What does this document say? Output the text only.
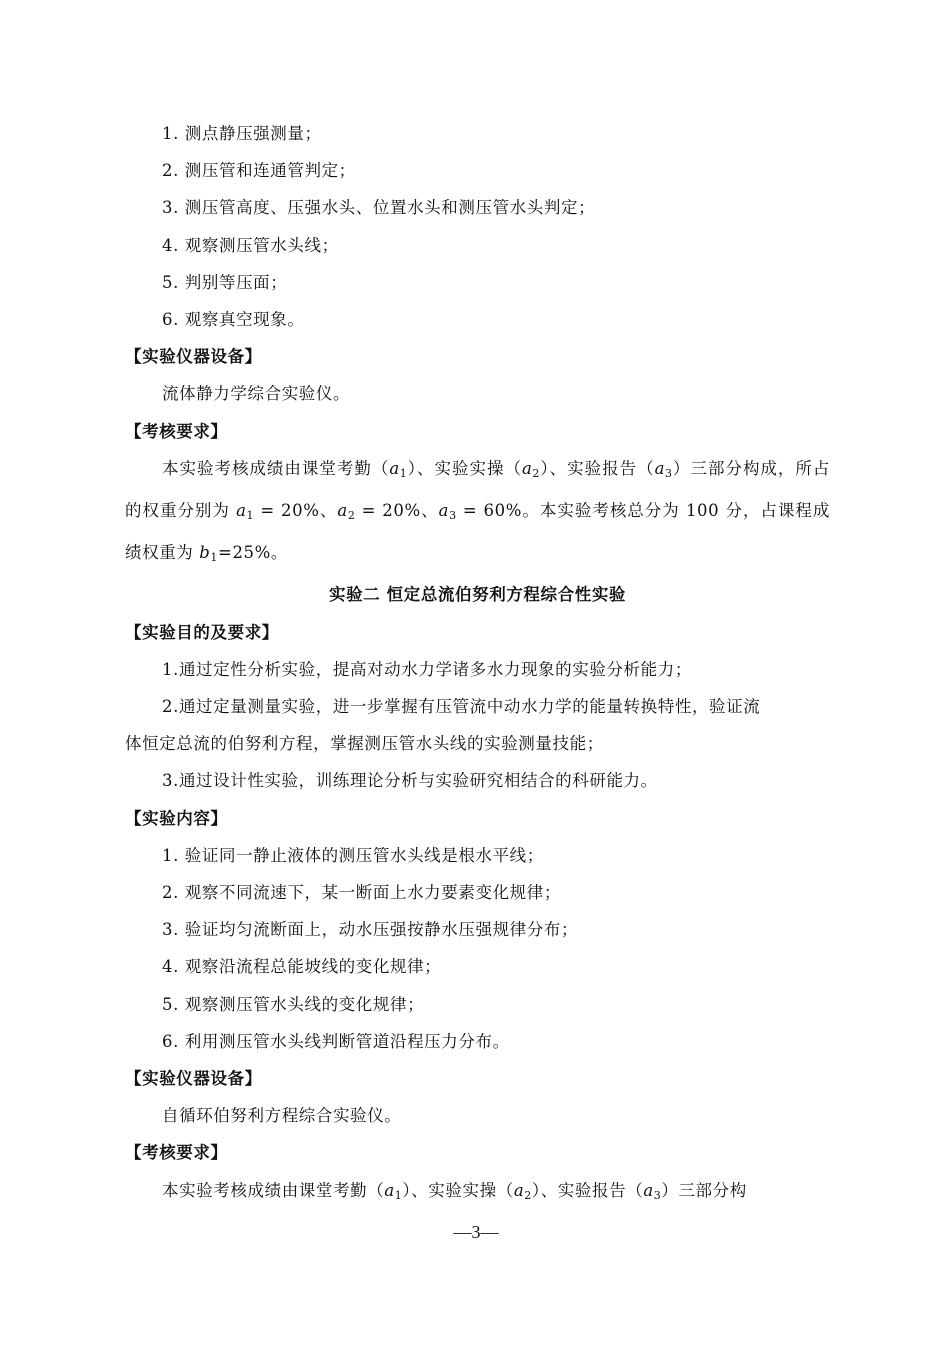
1. 测点静压强测量；
2. 测压管和连通管判定；
3. 测压管高度、压强水头、位置水头和测压管水头判定；
4. 观察测压管水头线；
5. 判别等压面；
6. 观察真空现象。
【实验仪器设备】
流体静力学综合实验仪。
【考核要求】
本实验考核成绩由课堂考勤$(a_1)$、实验实操$(a_2)$、实验报告$(a_3)$三部分构成，所占的权重分别为 $a_1 = 20\%$、$a_2 = 20\%$、$a_3 = 60\%$。本实验考核总分为 100 分，占课程成绩权重为 $b_1=25\%$。
实验二 恒定总流伯努利方程综合性实验
【实验目的及要求】
1.通过定性分析实验，提高对动水力学诸多水力现象的实验分析能力；
2.通过定量测量实验，进一步掌握有压管流中动水力学的能量转换特性，验证流
体恒定总流的伯努利方程，掌握测压管水头线的实验测量技能；
3.通过设计性实验，训练理论分析与实验研究相结合的科研能力。
【实验内容】
1. 验证同一静止液体的测压管水头线是根水平线；
2. 观察不同流速下，某一断面上水力要素变化规律；
3. 验证均匀流断面上，动水压强按静水压强规律分布；
4. 观察沿流程总能坡线的变化规律；
5. 观察测压管水头线的变化规律；
6. 利用测压管水头线判断管道沿程压力分布。
【实验仪器设备】
自循环伯努利方程综合实验仪。
【考核要求】
本实验考核成绩由课堂考勤$(a_1)$、实验实操$(a_2)$、实验报告$(a_3)$三部分构
—3—
